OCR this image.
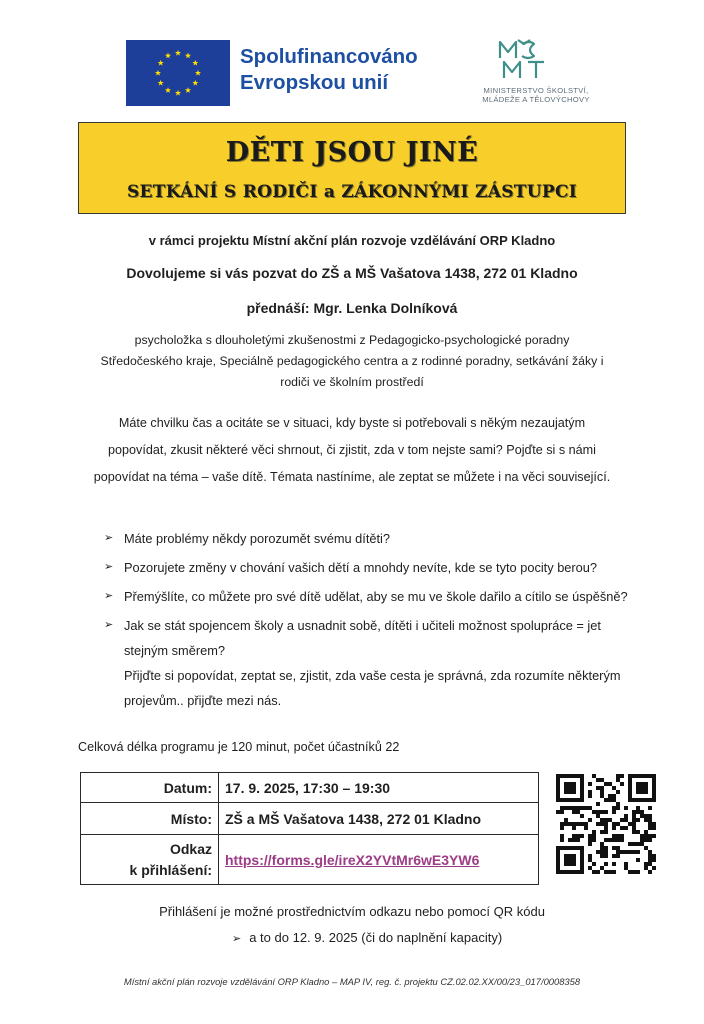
Spolufinancováno
Evropskou unií	MINISTERSTVO ŠKOLSTVÍ,
MLÁDEŽE A TĚLOVÝCHOVY
DĚTI JSOU JINÉ
SETKÁNÍ S RODIČI a ZÁKONNÝMI ZÁSTUPCI
v rámci projektu Místní akční plán rozvoje vzdělávání ORP Kladno
Dovolujeme si vás pozvat do ZŠ a MŠ Vašatova 1438, 272 01 Kladno
přednáší: Mgr. Lenka Dolníková
psycholožka s dlouholetými zkušenostmi z Pedagogicko-psychologické poradny
Středočeského kraje, Speciálně pedagogického centra a z rodinné poradny, setkávání žáky i
rodiči ve školním prostředí
Máte chvilku čas a ocitáte se v situaci, kdy byste si potřebovali s někým nezaujatým
popovídat, zkusit některé věci shrnout, či zjistit, zda v tom nejste sami? Pojďte si s námi
popovídat na téma – vaše dítě. Témata nastíníme, ale zeptat se můžete i na věci související.
➢ Máte problémy někdy porozumět svému dítěti?
➢ Pozorujete změny v chování vašich dětí a mnohdy nevíte, kde se tyto pocity berou?
➢ Přemýšlíte, co můžete pro své dítě udělat, aby se mu ve škole dařilo a cítilo se úspěšně?
➢ Jak se stát spojencem školy a usnadnit sobě, dítěti i učiteli možnost spolupráce = jet
stejným směrem?
Přijďte si popovídat, zeptat se, zjistit, zda vaše cesta je správná, zda rozumíte některým
projevům.. přijďte mezi nás.
Celková délka programu je 120 minut, počet účastníků 22
Datum:	17. 9. 2025, 17:30 – 19:30
Místo:	ZŠ a MŠ Vašatova 1438, 272 01 Kladno

Odkaz
k přihlášení:	https://forms.gle/ireX2YVtMr6wE3YW6
Přihlášení je možné prostřednictvím odkazu nebo pomocí QR kódu
➢ a to do 12. 9. 2025 (či do naplnění kapacity)
Místní akční plán rozvoje vzdělávání ORP Kladno – MAP IV, reg. č. projektu CZ.02.02.XX/00/23_017/0008358
